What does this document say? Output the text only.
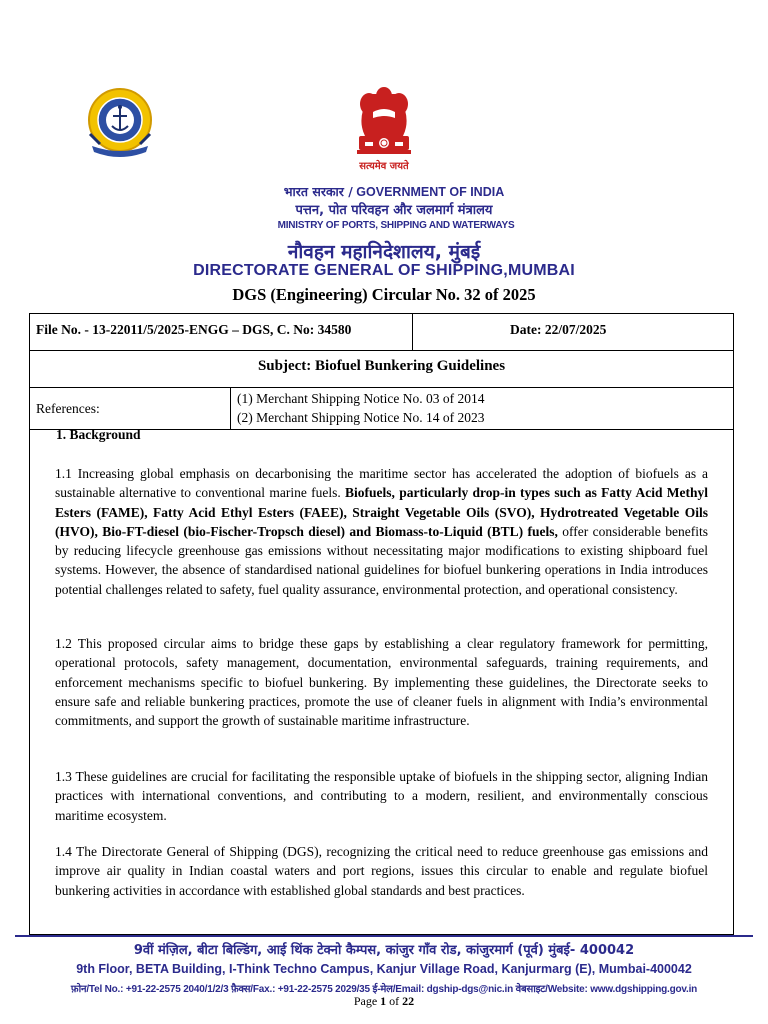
सत्यमेव जयते
भारत सरकार / GOVERNMENT OF INDIA
पत्तन, पोत परिवहन और जलमार्ग मंत्रालय
MINISTRY OF PORTS, SHIPPING AND WATERWAYS
नौवहन महानिदेशालय, मुंबई
DIRECTORATE GENERAL OF SHIPPING,MUMBAI
DGS (Engineering) Circular No. 32 of 2025
File No. - 13-22011/5/2025-ENGG – DGS, C. No: 34580	Date: 22/07/2025
Subject: Biofuel Bunkering Guidelines
References:
(1) Merchant Shipping Notice No. 03 of 2014
(2) Merchant Shipping Notice No. 14 of 2023
1. Background
1.1 Increasing global emphasis on decarbonising the maritime sector has accelerated the adoption of biofuels as a sustainable alternative to conventional marine fuels. Biofuels, particularly drop-in types such as Fatty Acid Methyl Esters (FAME), Fatty Acid Ethyl Esters (FAEE), Straight Vegetable Oils (SVO), Hydrotreated Vegetable Oils (HVO), Bio-FT-diesel (bio-Fischer-Tropsch diesel) and Biomass-to-Liquid (BTL) fuels, offer considerable benefits by reducing lifecycle greenhouse gas emissions without necessitating major modifications to existing shipboard fuel systems. However, the absence of standardised national guidelines for biofuel bunkering operations in India introduces potential challenges related to safety, fuel quality assurance, environmental protection, and operational consistency.
1.2 This proposed circular aims to bridge these gaps by establishing a clear regulatory framework for permitting, operational protocols, safety management, documentation, environmental safeguards, training requirements, and enforcement mechanisms specific to biofuel bunkering. By implementing these guidelines, the Directorate seeks to ensure safe and reliable bunkering practices, promote the use of cleaner fuels in alignment with India’s environmental commitments, and support the growth of sustainable maritime infrastructure.
1.3 These guidelines are crucial for facilitating the responsible uptake of biofuels in the shipping sector, aligning Indian practices with international conventions, and contributing to a modern, resilient, and environmentally conscious maritime ecosystem.
1.4 The Directorate General of Shipping (DGS), recognizing the critical need to reduce greenhouse gas emissions and improve air quality in Indian coastal waters and port regions, issues this circular to enable and regulate biofuel bunkering activities in accordance with established global standards and best practices.
9वीं मंज़िल, बीटा बिल्डिंग, आई थिंक टेक्नो कैम्पस, कांजुर गाँव रोड, कांजुरमार्ग (पूर्व) मुंबई- 400042
9th Floor, BETA Building, I-Think Techno Campus, Kanjur Village Road, Kanjurmarg (E), Mumbai-400042
फ़ोन/Tel No.: +91-22-2575 2040/1/2/3 फ़ैक्स/Fax.: +91-22-2575 2029/35 ई-मेल/Email: dgship-dgs@nic.in वेबसाइट/Website: www.dgshipping.gov.in
Page 1 of 22
